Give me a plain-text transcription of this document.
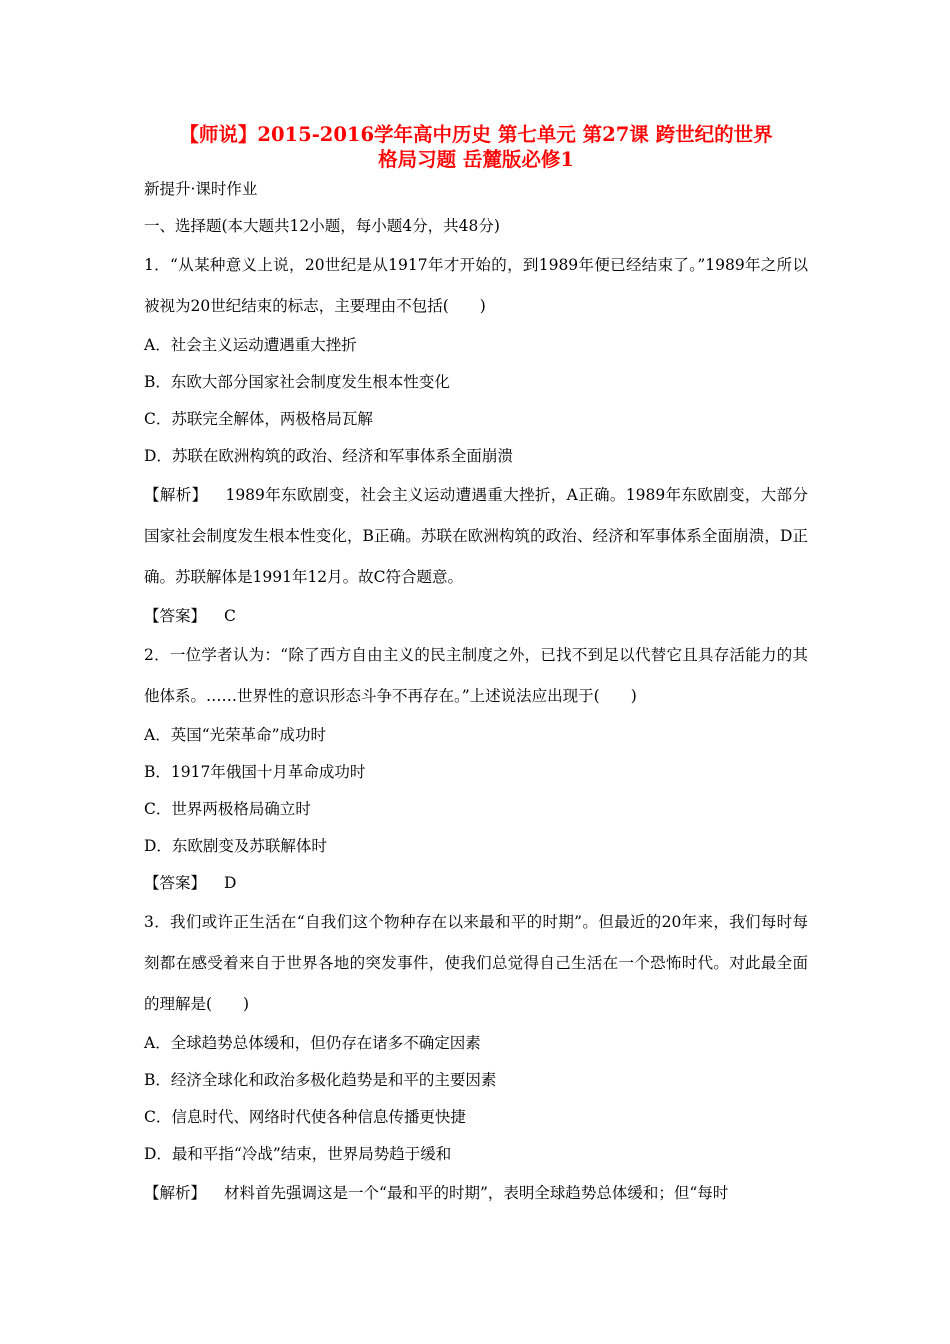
【师说】2015-2016学年高中历史 第七单元 第27课 跨世纪的世界
格局习题 岳麓版必修1
新提升·课时作业
一、选择题(本大题共12小题，每小题4分，共48分)
1．“从某种意义上说，20世纪是从1917年才开始的，到1989年便已经结束了。”1989年之所以被视为20世纪结束的标志，主要理由不包括(　　)
A．社会主义运动遭遇重大挫折
B．东欧大部分国家社会制度发生根本性变化
C．苏联完全解体，两极格局瓦解
D．苏联在欧洲构筑的政治、经济和军事体系全面崩溃
【解析】 1989年东欧剧变，社会主义运动遭遇重大挫折，A正确。1989年东欧剧变，大部分国家社会制度发生根本性变化，B正确。苏联在欧洲构筑的政治、经济和军事体系全面崩溃，D正确。苏联解体是1991年12月。故C符合题意。
【答案】 C
2．一位学者认为：“除了西方自由主义的民主制度之外，已找不到足以代替它且具存活能力的其他体系。……世界性的意识形态斗争不再存在。”上述说法应出现于(　　)
A．英国“光荣革命”成功时
B．1917年俄国十月革命成功时
C．世界两极格局确立时
D．东欧剧变及苏联解体时
【答案】 D
3．我们或许正生活在“自我们这个物种存在以来最和平的时期”。但最近的20年来，我们每时每刻都在感受着来自于世界各地的突发事件，使我们总觉得自己生活在一个恐怖时代。对此最全面的理解是(　　)
A．全球趋势总体缓和，但仍存在诸多不确定因素
B．经济全球化和政治多极化趋势是和平的主要因素
C．信息时代、网络时代使各种信息传播更快捷
D．最和平指“冷战”结束，世界局势趋于缓和
【解析】 材料首先强调这是一个“最和平的时期”，表明全球趋势总体缓和；但“每时
